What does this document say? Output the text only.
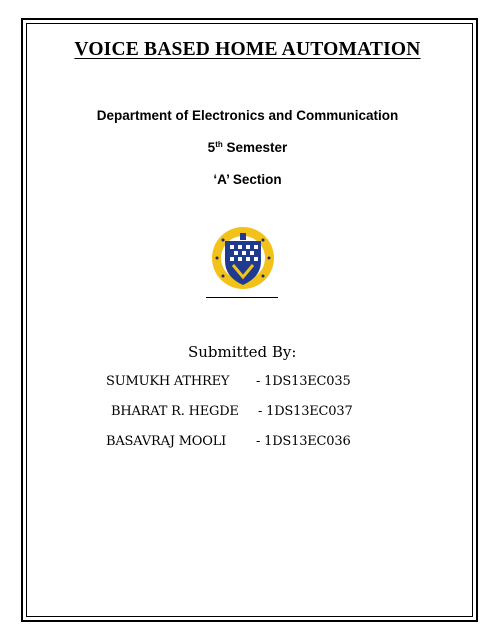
VOICE BASED HOME AUTOMATION
Department of Electronics and Communication
5th Semester
‘A’ Section
Submitted By:
SUMUKH ATHREY - 1DS13EC035
BHARAT R. HEGDE - 1DS13EC037
BASAVRAJ MOOLI - 1DS13EC036
